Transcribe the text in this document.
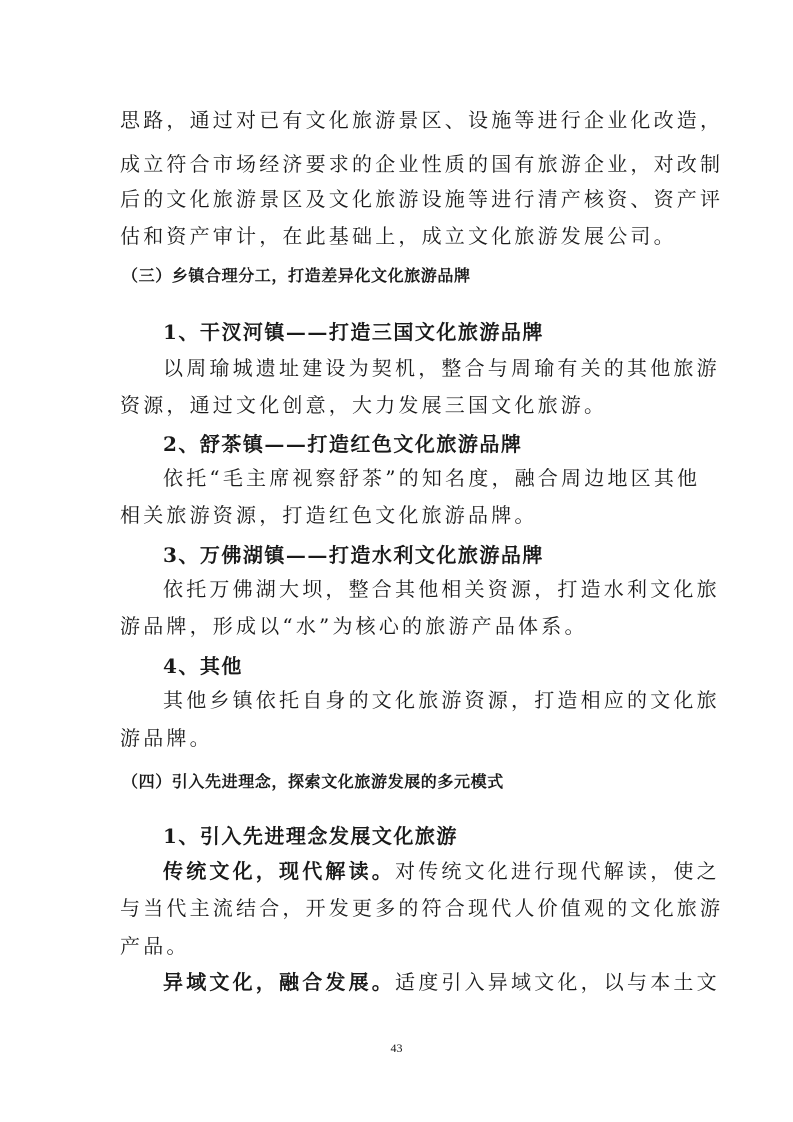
思路，通过对已有文化旅游景区、设施等进行企业化改造，

成立符合市场经济要求的企业性质的国有旅游企业，对改制

后的文化旅游景区及文化旅游设施等进行清产核资、资产评

估和资产审计，在此基础上，成立文化旅游发展公司。

（三）乡镇合理分工，打造差异化文化旅游品牌

1、干汊河镇——打造三国文化旅游品牌

以周瑜城遗址建设为契机，整合与周瑜有关的其他旅游

资源，通过文化创意，大力发展三国文化旅游。

2、舒茶镇——打造红色文化旅游品牌

依托“毛主席视察舒茶”的知名度，融合周边地区其他

相关旅游资源，打造红色文化旅游品牌。

3、万佛湖镇——打造水利文化旅游品牌

依托万佛湖大坝，整合其他相关资源，打造水利文化旅

游品牌，形成以“水”为核心的旅游产品体系。

4、其他

其他乡镇依托自身的文化旅游资源，打造相应的文化旅

游品牌。

（四）引入先进理念，探索文化旅游发展的多元模式

1、引入先进理念发展文化旅游

传统文化，现代解读。对传统文化进行现代解读，使之

与当代主流结合，开发更多的符合现代人价值观的文化旅游

产品。

异域文化，融合发展。适度引入异域文化，以与本土文

43
